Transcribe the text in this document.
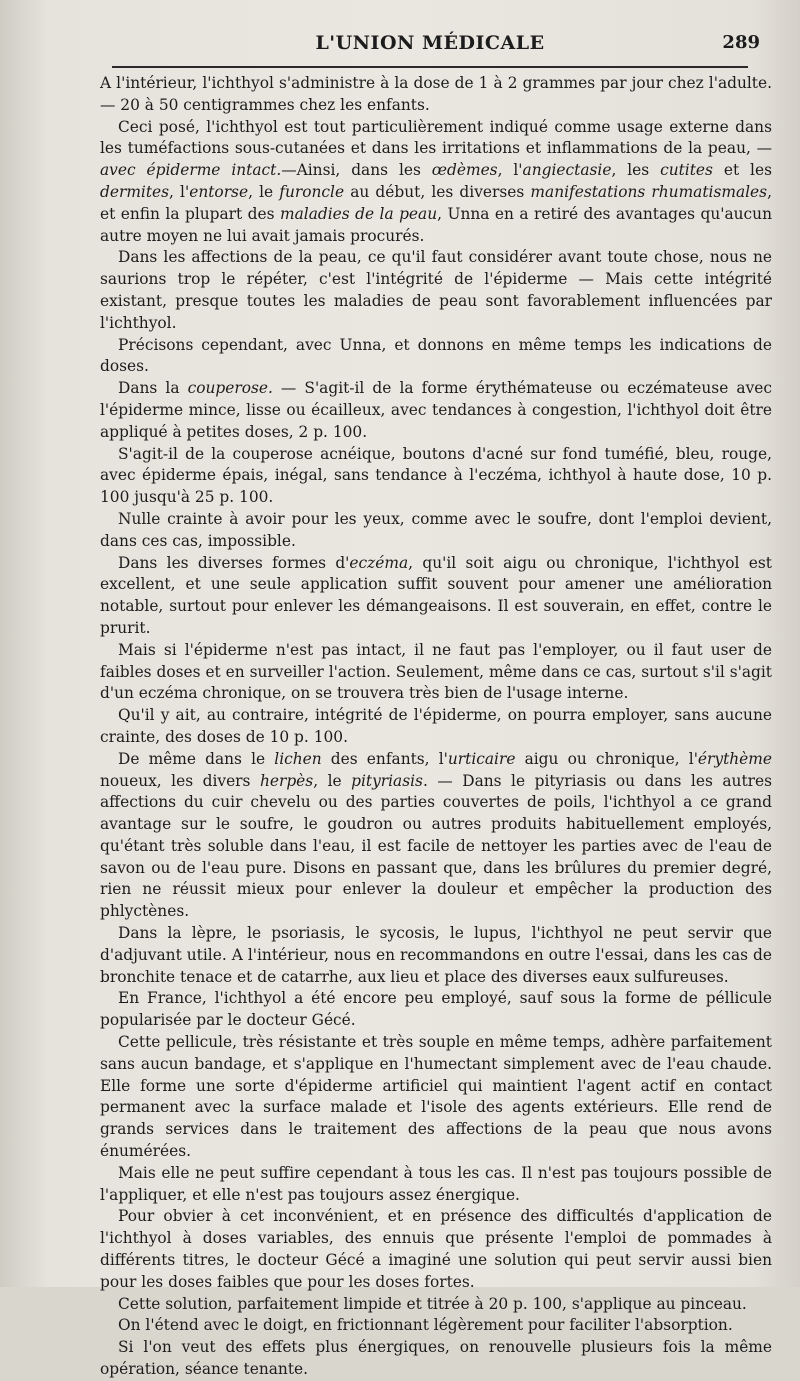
L'UNION MÉDICALE	289

A l'intérieur, l'ichthyol s'administre à la dose de 1 à 2 grammes par jour chez l'adulte. — 20 à 50 centigrammes chez les enfants.

Ceci posé, l'ichthyol est tout particulièrement indiqué comme usage externe dans les tuméfactions sous-cutanées et dans les irritations et inflammations de la peau, — avec épiderme intact.—Ainsi, dans les œdèmes, l'angiectasie, les cutites et les dermites, l'entorse, le furoncle au début, les diverses manifestations rhumatismales, et enfin la plupart des maladies de la peau, Unna en a retiré des avantages qu'aucun autre moyen ne lui avait jamais procurés.

Dans les affections de la peau, ce qu'il faut considérer avant toute chose, nous ne saurions trop le répéter, c'est l'intégrité de l'épiderme — Mais cette intégrité existant, presque toutes les maladies de peau sont favorablement influencées par l'ichthyol.

Précisons cependant, avec Unna, et donnons en même temps les indications de doses.

Dans la couperose. — S'agit-il de la forme érythémateuse ou eczémateuse avec l'épiderme mince, lisse ou écailleux, avec tendances à congestion, l'ichthyol doit être appliqué à petites doses, 2 p. 100.

S'agit-il de la couperose acnéique, boutons d'acné sur fond tuméfié, bleu, rouge, avec épiderme épais, inégal, sans tendance à l'eczéma, ichthyol à haute dose, 10 p. 100 jusqu'à 25 p. 100.

Nulle crainte à avoir pour les yeux, comme avec le soufre, dont l'emploi devient, dans ces cas, impossible.

Dans les diverses formes d'eczéma, qu'il soit aigu ou chronique, l'ichthyol est excellent, et une seule application suffit souvent pour amener une amélioration notable, surtout pour enlever les démangeaisons. Il est souverain, en effet, contre le prurit.

Mais si l'épiderme n'est pas intact, il ne faut pas l'employer, ou il faut user de faibles doses et en surveiller l'action. Seulement, même dans ce cas, surtout s'il s'agit d'un eczéma chronique, on se trouvera très bien de l'usage interne.

Qu'il y ait, au contraire, intégrité de l'épiderme, on pourra employer, sans aucune crainte, des doses de 10 p. 100.

De même dans le lichen des enfants, l'urticaire aigu ou chronique, l'érythème noueux, les divers herpès, le pityriasis. — Dans le pityriasis ou dans les autres affections du cuir chevelu ou des parties couvertes de poils, l'ichthyol a ce grand avantage sur le soufre, le goudron ou autres produits habituellement employés, qu'étant très soluble dans l'eau, il est facile de nettoyer les parties avec de l'eau de savon ou de l'eau pure. Disons en passant que, dans les brûlures du premier degré, rien ne réussit mieux pour enlever la douleur et empêcher la production des phlyctènes.

Dans la lèpre, le psoriasis, le sycosis, le lupus, l'ichthyol ne peut servir que d'adjuvant utile. A l'intérieur, nous en recommandons en outre l'essai, dans les cas de bronchite tenace et de catarrhe, aux lieu et place des diverses eaux sulfureuses.

En France, l'ichthyol a été encore peu employé, sauf sous la forme de péllicule popularisée par le docteur Gécé.

Cette pellicule, très résistante et très souple en même temps, adhère parfaitement sans aucun bandage, et s'applique en l'humectant simplement avec de l'eau chaude. Elle forme une sorte d'épiderme artificiel qui maintient l'agent actif en contact permanent avec la surface malade et l'isole des agents extérieurs. Elle rend de grands services dans le traitement des affections de la peau que nous avons énumérées.

Mais elle ne peut suffire cependant à tous les cas. Il n'est pas toujours possible de l'appliquer, et elle n'est pas toujours assez énergique.

Pour obvier à cet inconvénient, et en présence des difficultés d'application de l'ichthyol à doses variables, des ennuis que présente l'emploi de pommades à différents titres, le docteur Gécé a imaginé une solution qui peut servir aussi bien pour les doses faibles que pour les doses fortes.

Cette solution, parfaitement limpide et titrée à 20 p. 100, s'applique au pinceau.

On l'étend avec le doigt, en frictionnant légèrement pour faciliter l'absorption.

Si l'on veut des effets plus énergiques, on renouvelle plusieurs fois la même opération, séance tenante.
